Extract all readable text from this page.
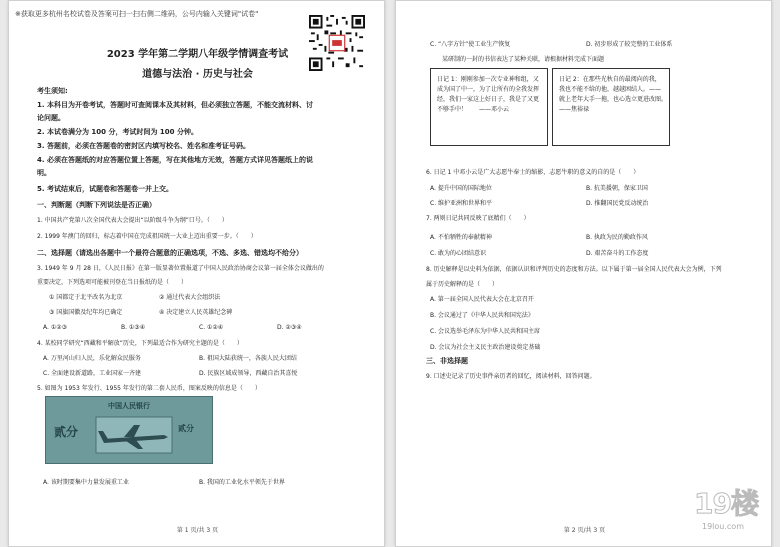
※获取更多杭州名校试卷及答案可扫一扫右侧二维码，公号内输入关键词"试卷"
2023 学年第二学期八年级学情调查考试
道德与法治 · 历史与社会
考生须知:
1. 本科目为开卷考试，答题时可查阅课本及其材料，但必须独立答题，不能交流材料、讨
论问题。
2. 本试卷满分为 100 分，考试时间为 100 分钟。
3. 答题前，必须在答题卷的密封区内填写校名、姓名和准考证号码。
4. 必须在答题纸的对应答题位置上答题，写在其他地方无效，答题方式详见答题纸上的说
明。
5. 考试结束后，试题卷和答题卷一并上交。
一、判断题（判断下列说法是否正确）
1. 中国共产党第八次全国代表大会提出“以阶级斗争为纲”口号。（　　）
2. 1999 年澳门的回归，标志着中国在完成祖国统一大业上迈出重要一步。（　　）
二、选择题（请选出各题中一个最符合题意的正确选项，不选、多选、错选均不给分）
3. 1949 年 9 月 28 日，《人民日报》在第一版显著位置报道了中国人民政治协商会议第一届全体会议做出的
重要决定，下列选项可能被刊登在当日报纸的是（　　）
① 国都定于北平改名为北京	② 通过代表大会组织法
③ 国旗国徽及纪年均已确定	④ 决定建立人民英雄纪念碑
A. ①②③	B. ①③④	C. ①②④	D. ②③④
4. 某校同学研究“西藏和平解放”历史，下列最适合作为研究主题的是（　　）
A. 万里河山归人民，乐化解众民服务	B. 祖国大陆获统一，各族人民大团结
C. 全面建设新道路，工业国家一齐建	D. 民族区域成领导，西藏自治其喜悦
5. 如图为 1953 年发行、1955 年发行的第二套人民币，图案反映的信息是（　　）
中国人民银行
贰分	贰分
A. 该时期要集中力量发展重工业	B. 我国的工业化水平领先于世界
第 1 页/共 3 页
C. “八字方针”使工业生产恢复	D. 初步形成了较完整的工业体系
　　某研制的一封的书信表达了某种关联，请根据材料完成下面题
日记 1：刚刚参加一次专业神和组，又成为国了中一，为了让所有的全我发挥经，我们一家这上好日子，我是了又更不够手中！　　——邓小云
日记 2：在那些光秋自的最阅向的我，我也不能不给的他，越越困结人。——就上老年大手一拖，也心选立更进改图。　　——焦裕禄
6. 日记 1 中邓小云是广大志愿牛奉士的缩影，志愿牛职的意义的自的是（　　）
A. 提升中国的国际地位	B. 抗美援朝，保家卫国
C. 维护亚洲和世界和平	D. 推翻国民党反动统治
7. 两则日记共同反映了底精们（　　）
A. 不怕牺牲的奉献精神	B. 执政为民的勤政作风
C. 敢为的心团结意识	D. 艰苦奋斗的工作态度
8. 历史解释是以史料为依据，依据认识和评判历史的态度和方法。以下属于第一届全国人民代表大会为例，下列
属于历史解释的是（　　）
A. 第一届全国人民代表大会在北京召开
B. 会议通过了《中华人民共和国宪法》
C. 会议选举毛泽东为中华人民共和国主席
D. 会议为社会主义民主政治建设奠定基础
三、非选择题
9. 口述史记录了历史事件亲历者的回忆，阅读材料，回答问题。
第 2 页/共 3 页
19楼
19lou.com
